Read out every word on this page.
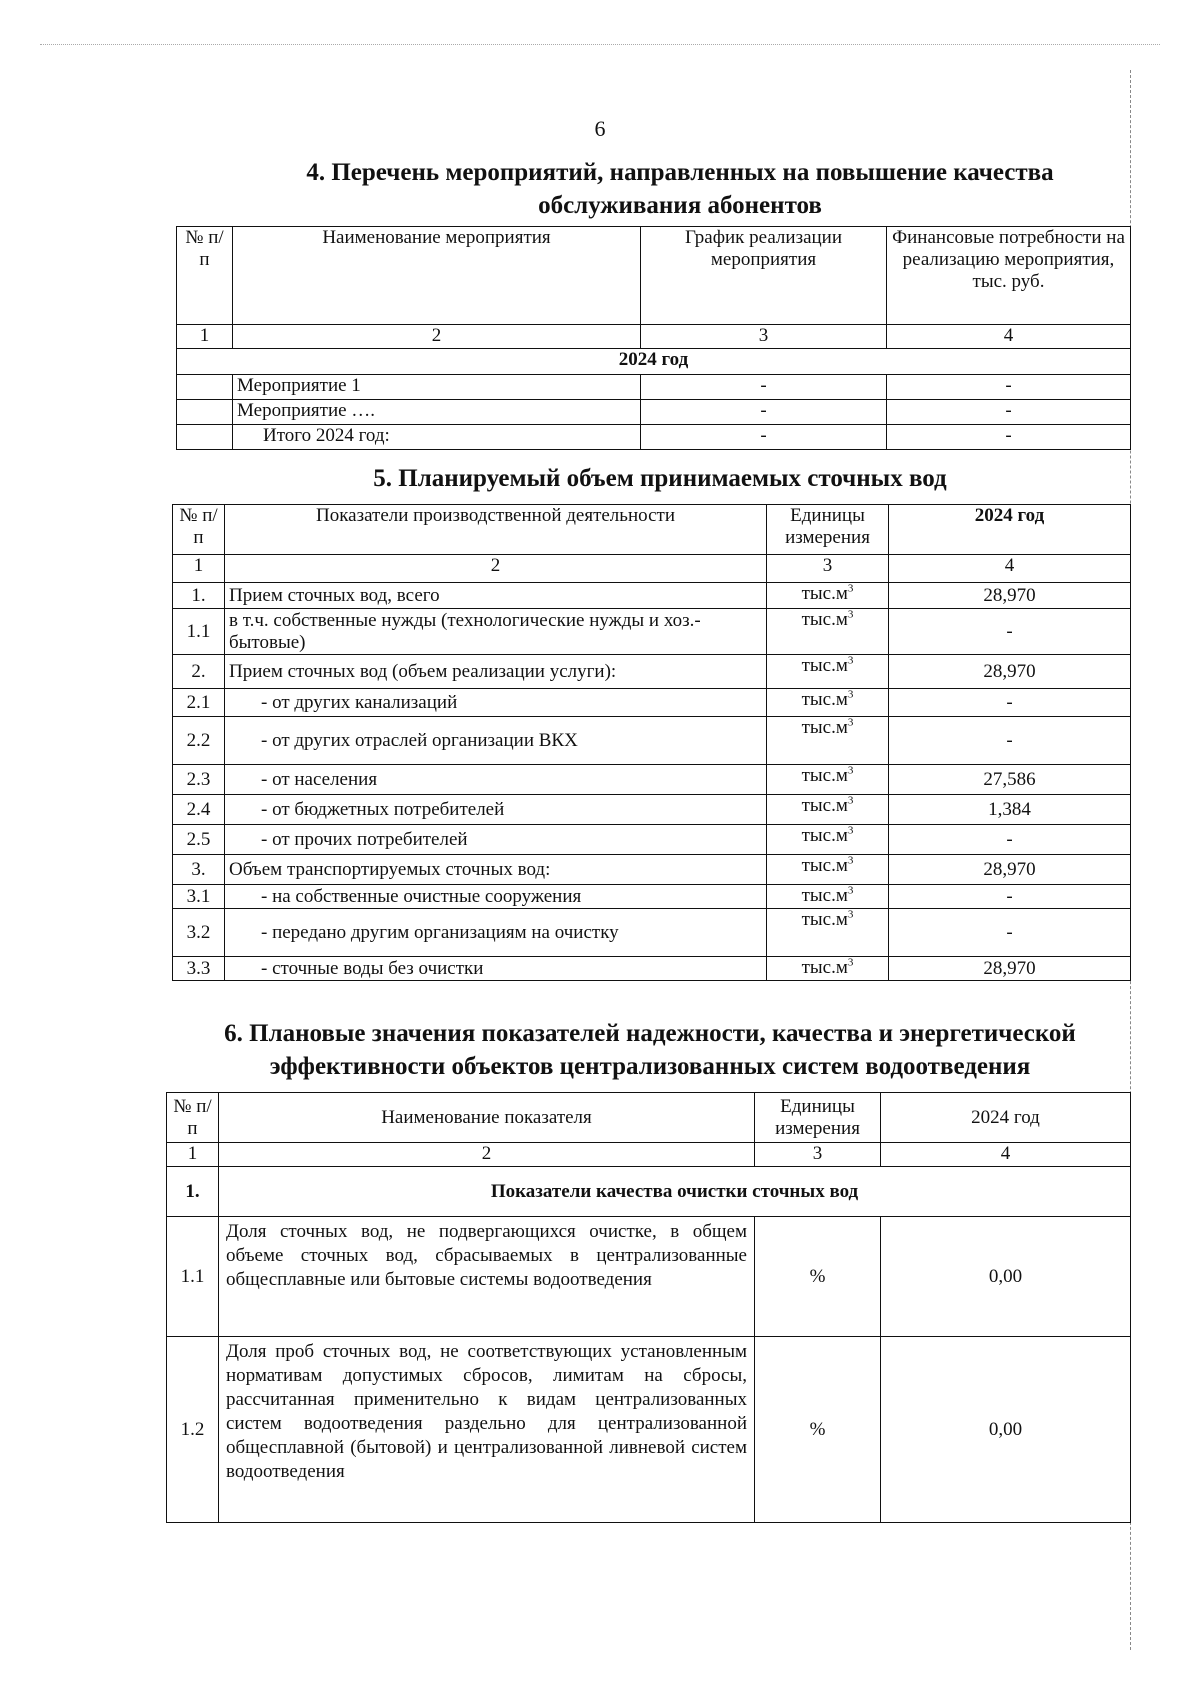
6
4. Перечень мероприятий, направленных на повышение качества
обслуживания абонентов
№ п/п	Наименование мероприятия	График реализации мероприятия	Финансовые потребности на реализацию мероприятия, тыс. руб.
1	2	3	4
2024 год			
	Мероприятие 1	-	-
	Мероприятие ….	-	-
	Итого 2024 год:	-	-
5. Планируемый объем принимаемых сточных вод
№ п/п	Показатели производственной деятельности	Единицы измерения	2024 год
1	2	3	4
1.	Прием сточных вод, всего	$тыс.м^3$	28,970
1.1	в т.ч. собственные нужды (технологические нужды и хоз.-бытовые)	$тыс.м^3$	-
2.	Прием сточных вод (объем реализации услуги):	$тыс.м^3$	28,970
2.1	- от других канализаций	$тыс.м^3$	-
2.2	- от других отраслей организации ВКХ	$тыс.м^3$	-
2.3	- от населения	$тыс.м^3$	27,586
2.4	- от бюджетных потребителей	$тыс.м^3$	1,384
2.5	- от прочих потребителей	$тыс.м^3$	-
3.	Объем транспортируемых сточных вод:	$тыс.м^3$	28,970
3.1	- на собственные очистные сооружения	$тыс.м^3$	-
3.2	- передано другим организациям на очистку	$тыс.м^3$	-
3.3	- сточные воды без очистки	$тыс.м^3$	28,970
6. Плановые значения показателей надежности, качества и энергетической
эффективности объектов централизованных систем водоотведения
№ п/п	Наименование показателя	Единицы измерения	2024 год
1	2	3	4
1.	Показатели качества очистки сточных вод		
1.1	Доля сточных вод, не подвергающихся очистке, в общем объеме сточных вод, сбрасываемых в централизованные общесплавные или бытовые системы водоотведения	%	0,00
1.2	Доля проб сточных вод, не соответствующих установленным нормативам допустимых сбросов, лимитам на сбросы, рассчитанная применительно к видам централизованных систем водоотведения раздельно для централизованной общесплавной (бытовой) и централизованной ливневой систем водоотведения	%	0,00
